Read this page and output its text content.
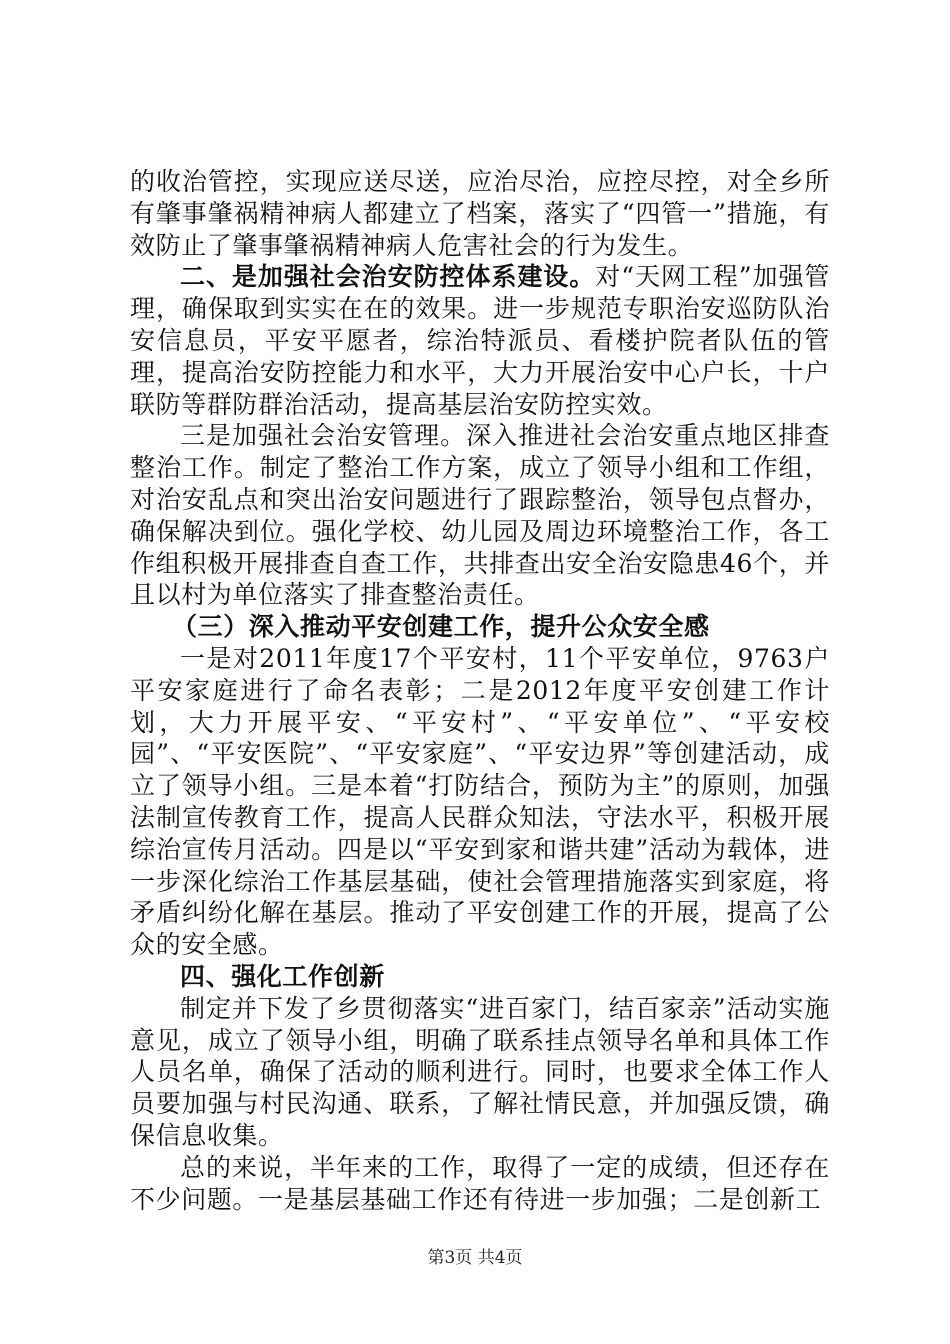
的收治管控，实现应送尽送，应治尽治，应控尽控，对全乡所有肇事肇祸精神病人都建立了档案，落实了“四管一”措施，有效防止了肇事肇祸精神病人危害社会的行为发生。

二、是加强社会治安防控体系建设。对“天网工程”加强管理，确保取到实实在在的效果。进一步规范专职治安巡防队治安信息员，平安平愿者，综治特派员、看楼护院者队伍的管理，提高治安防控能力和水平，大力开展治安中心户长，十户联防等群防群治活动，提高基层治安防控实效。

三是加强社会治安管理。深入推进社会治安重点地区排查整治工作。制定了整治工作方案，成立了领导小组和工作组，对治安乱点和突出治安问题进行了跟踪整治，领导包点督办，确保解决到位。强化学校、幼儿园及周边环境整治工作，各工作组积极开展排查自查工作，共排查出安全治安隐患46个，并且以村为单位落实了排查整治责任。

（三）深入推动平安创建工作，提升公众安全感

一是对2011年度17个平安村，11个平安单位，9763户平安家庭进行了命名表彰；二是2012年度平安创建工作计划，大力开展平安、“平安村”、“平安单位”、“平安校园”、“平安医院”、“平安家庭”、“平安边界”等创建活动，成立了领导小组。三是本着“打防结合，预防为主”的原则，加强法制宣传教育工作，提高人民群众知法，守法水平，积极开展综治宣传月活动。四是以“平安到家和谐共建”活动为载体，进一步深化综治工作基层基础，使社会管理措施落实到家庭，将矛盾纠纷化解在基层。推动了平安创建工作的开展，提高了公众的安全感。

四、强化工作创新

制定并下发了乡贯彻落实“进百家门，结百家亲”活动实施意见，成立了领导小组，明确了联系挂点领导名单和具体工作人员名单，确保了活动的顺利进行。同时，也要求全体工作人员要加强与村民沟通、联系，了解社情民意，并加强反馈，确保信息收集。

总的来说，半年来的工作，取得了一定的成绩，但还存在不少问题。一是基层基础工作还有待进一步加强；二是创新工

第3页 共4页
